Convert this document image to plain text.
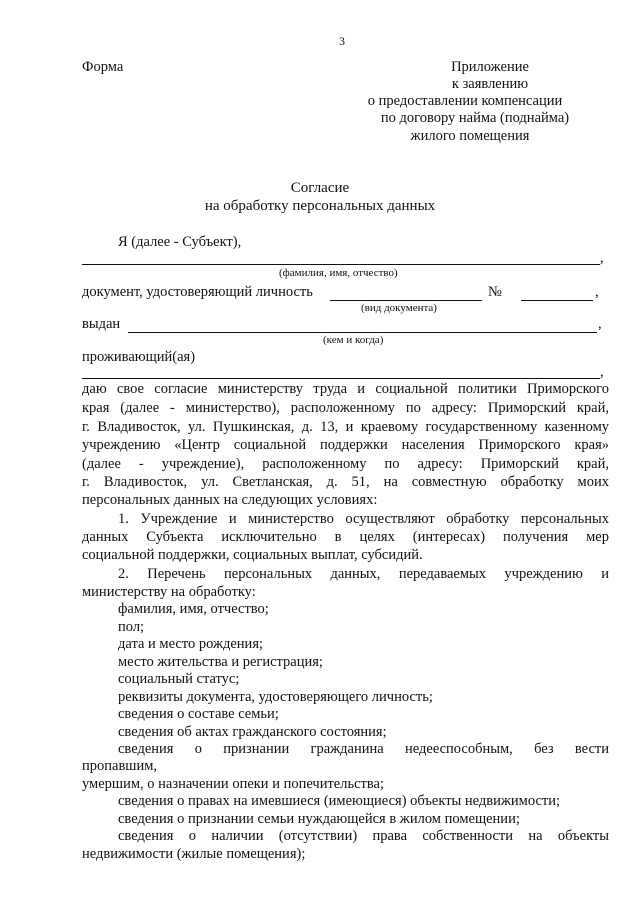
3
Форма	Приложение
к заявлению
о предоставлении компенсации
по договору найма (поднайма)
жилого помещения
Согласие
на обработку персональных данных
Я (далее - Субъект),
,
(фамилия, имя, отчество)
документ, удостоверяющий личность	№	,
(вид документа)
выдан	,
(кем и когда)
проживающий(ая)
,
даю свое согласие министерству труда и социальной политики Приморского
края (далее - министерство), расположенному по адресу: Приморский край,
г. Владивосток, ул. Пушкинская, д. 13, и краевому государственному казенному
учреждению «Центр социальной поддержки населения Приморского края»
(далее - учреждение), расположенному по адресу: Приморский край,
г. Владивосток, ул. Светланская, д. 51, на совместную обработку моих
персональных данных на следующих условиях:
1. Учреждение и министерство осуществляют обработку персональных
данных Субъекта исключительно в целях (интересах) получения мер
социальной поддержки, социальных выплат, субсидий.
2. Перечень персональных данных, передаваемых учреждению и
министерству на обработку:
фамилия, имя, отчество;
пол;
дата и место рождения;
место жительства и регистрация;
социальный статус;
реквизиты документа, удостоверяющего личность;
сведения о составе семьи;
сведения об актах гражданского состояния;
сведения о признании гражданина недееспособным, без вести
пропавшим,
умершим, о назначении опеки и попечительства;
сведения о правах на имевшиеся (имеющиеся) объекты недвижимости;
сведения о признании семьи нуждающейся в жилом помещении;
сведения о наличии (отсутствии) права собственности на объекты
недвижимости (жилые помещения);
